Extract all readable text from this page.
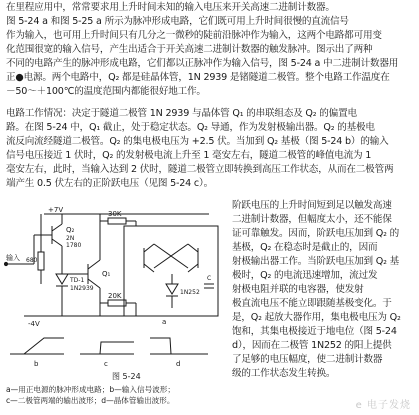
在里程应用中，常常要求用上升时间未知的输入电压来开关高速二进制计数器。
图 5-24 a 和图 5-25 a 所示为脉冲形成电路，它们既可用上升时间很慢的直流信号
作为输入，也可用上升时间只有几分之一微秒的陡前沿脉冲作为输入，这两个电路都可用变
化范围很宽的输入信号，产生出适合于开关高速二进制计数器的触发脉冲。图示出了两种
不同的电路产生的脉冲形成电路，它们都以正脉冲作为输入信号，图 5-24 a 中二进制计数器用
正●电源。两个电路中，Q₂ 都是硅晶体管，1N 2939 是锗隧道二极管。整个电路工作温度在
－50～＋100℃的温度范围内都能很好地工作。
电路工作情况：决定于隧道二极管 1N 2939 与晶体管 Q₁ 的串联组态及 Q₂ 的偏置电
路。在图 5-24 中，Q₁ 截止，处于稳定状态。Q₂ 导通，作为发射极输出器。Q₂ 的基极电
流反向流经隧道二极管。Q₂ 的集电极电压为 +2.5 伏。当加到 Q₂ 基极（图 5-24 b）的输入
信号电压接近 1 伏时，Q₂ 的发射极电流上升至 1 毫安左右，隧道二极管的峰值电流为 1
毫安左右，此时，当输入达到 2 伏时，隧道二极管立即转换到高压工作状态，从而在二极管两
端产生 0.5 伏左右的正阶跃电压（见图 5-24 c）。
阶跃电压的上升时间短到足以触发高速
二进制计数器，但幅度太小，还不能保
证可靠触发。因而，阶跃电压加到 Q₂ 的
基极，Q₂ 在稳态时是截止的，因而
射极输出器工作。当阶跃电压加到 Q₂ 基
极时，Q₂ 的电流迅速增加，流过发
射极电阻并联的电容器，使发射
极直流电压不能立即跟随基极变化。于
是，Q₂ 起放大器作用，集电极电压为 Q₂
饱和，其集电极接近于地电位（图 5-24
d），因而在二极管 1N252 的阳上提供
了足够的电压幅度，使二进制计数器
级的工作状态发生转换。
+7V
Q₂
2N
1780
30K
20K
Q₁
680
TD-1
1N2939
-4V
输入
1N252
C
a
b	c	d
图 5-24
a—用正电源的脉冲形成电路；b—输入信号波形；
c—二极管两端的输出波形；d—晶体管输出波形。	e 电子发烧
